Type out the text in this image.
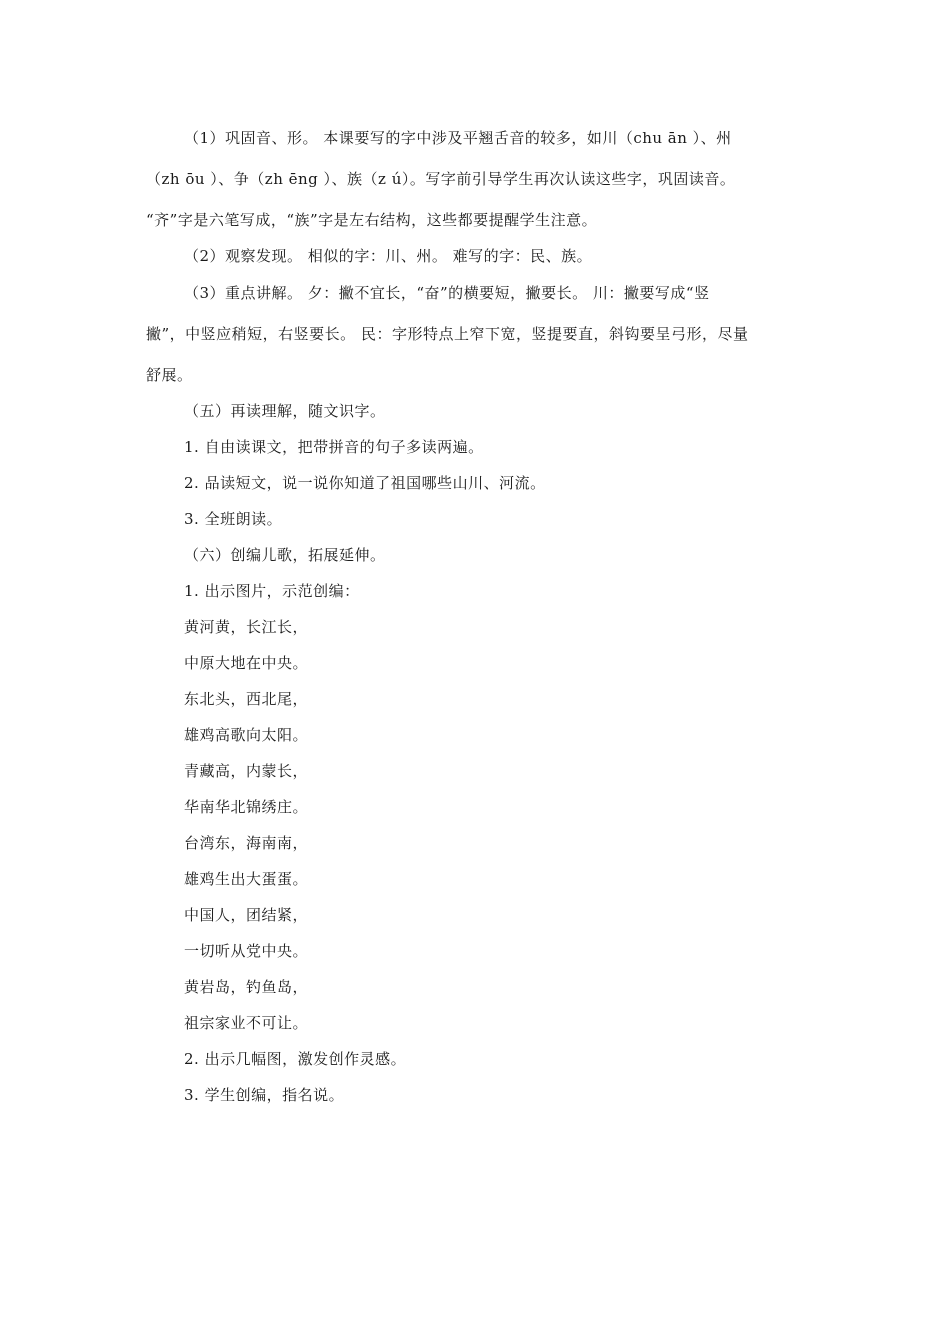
（1）巩固音、形。 本课要写的字中涉及平翘舌音的较多，如川（chu ān ）、州
（zh ōu ）、争（zh ēng ）、族（z ú）。写字前引导学生再次认读这些字，巩固读音。
“齐”字是六笔写成，“族”字是左右结构，这些都要提醒学生注意。
（2）观察发现。 相似的字：川、州。 难写的字：民、族。
（3）重点讲解。 夕：撇不宜长，“奋”的横要短，撇要长。 川：撇要写成“竖
撇”，中竖应稍短，右竖要长。 民：字形特点上窄下宽，竖提要直，斜钩要呈弓形，尽量
舒展。
（五）再读理解，随文识字。
1. 自由读课文，把带拼音的句子多读两遍。
2. 品读短文，说一说你知道了祖国哪些山川、河流。
3. 全班朗读。
（六）创编儿歌，拓展延伸。
1. 出示图片，示范创编：
黄河黄，长江长，
中原大地在中央。
东北头，西北尾，
雄鸡高歌向太阳。
青藏高，内蒙长，
华南华北锦绣庄。
台湾东，海南南，
雄鸡生出大蛋蛋。
中国人，团结紧，
一切听从党中央。
黄岩岛，钓鱼岛，
祖宗家业不可让。
2. 出示几幅图，激发创作灵感。
3. 学生创编，指名说。
